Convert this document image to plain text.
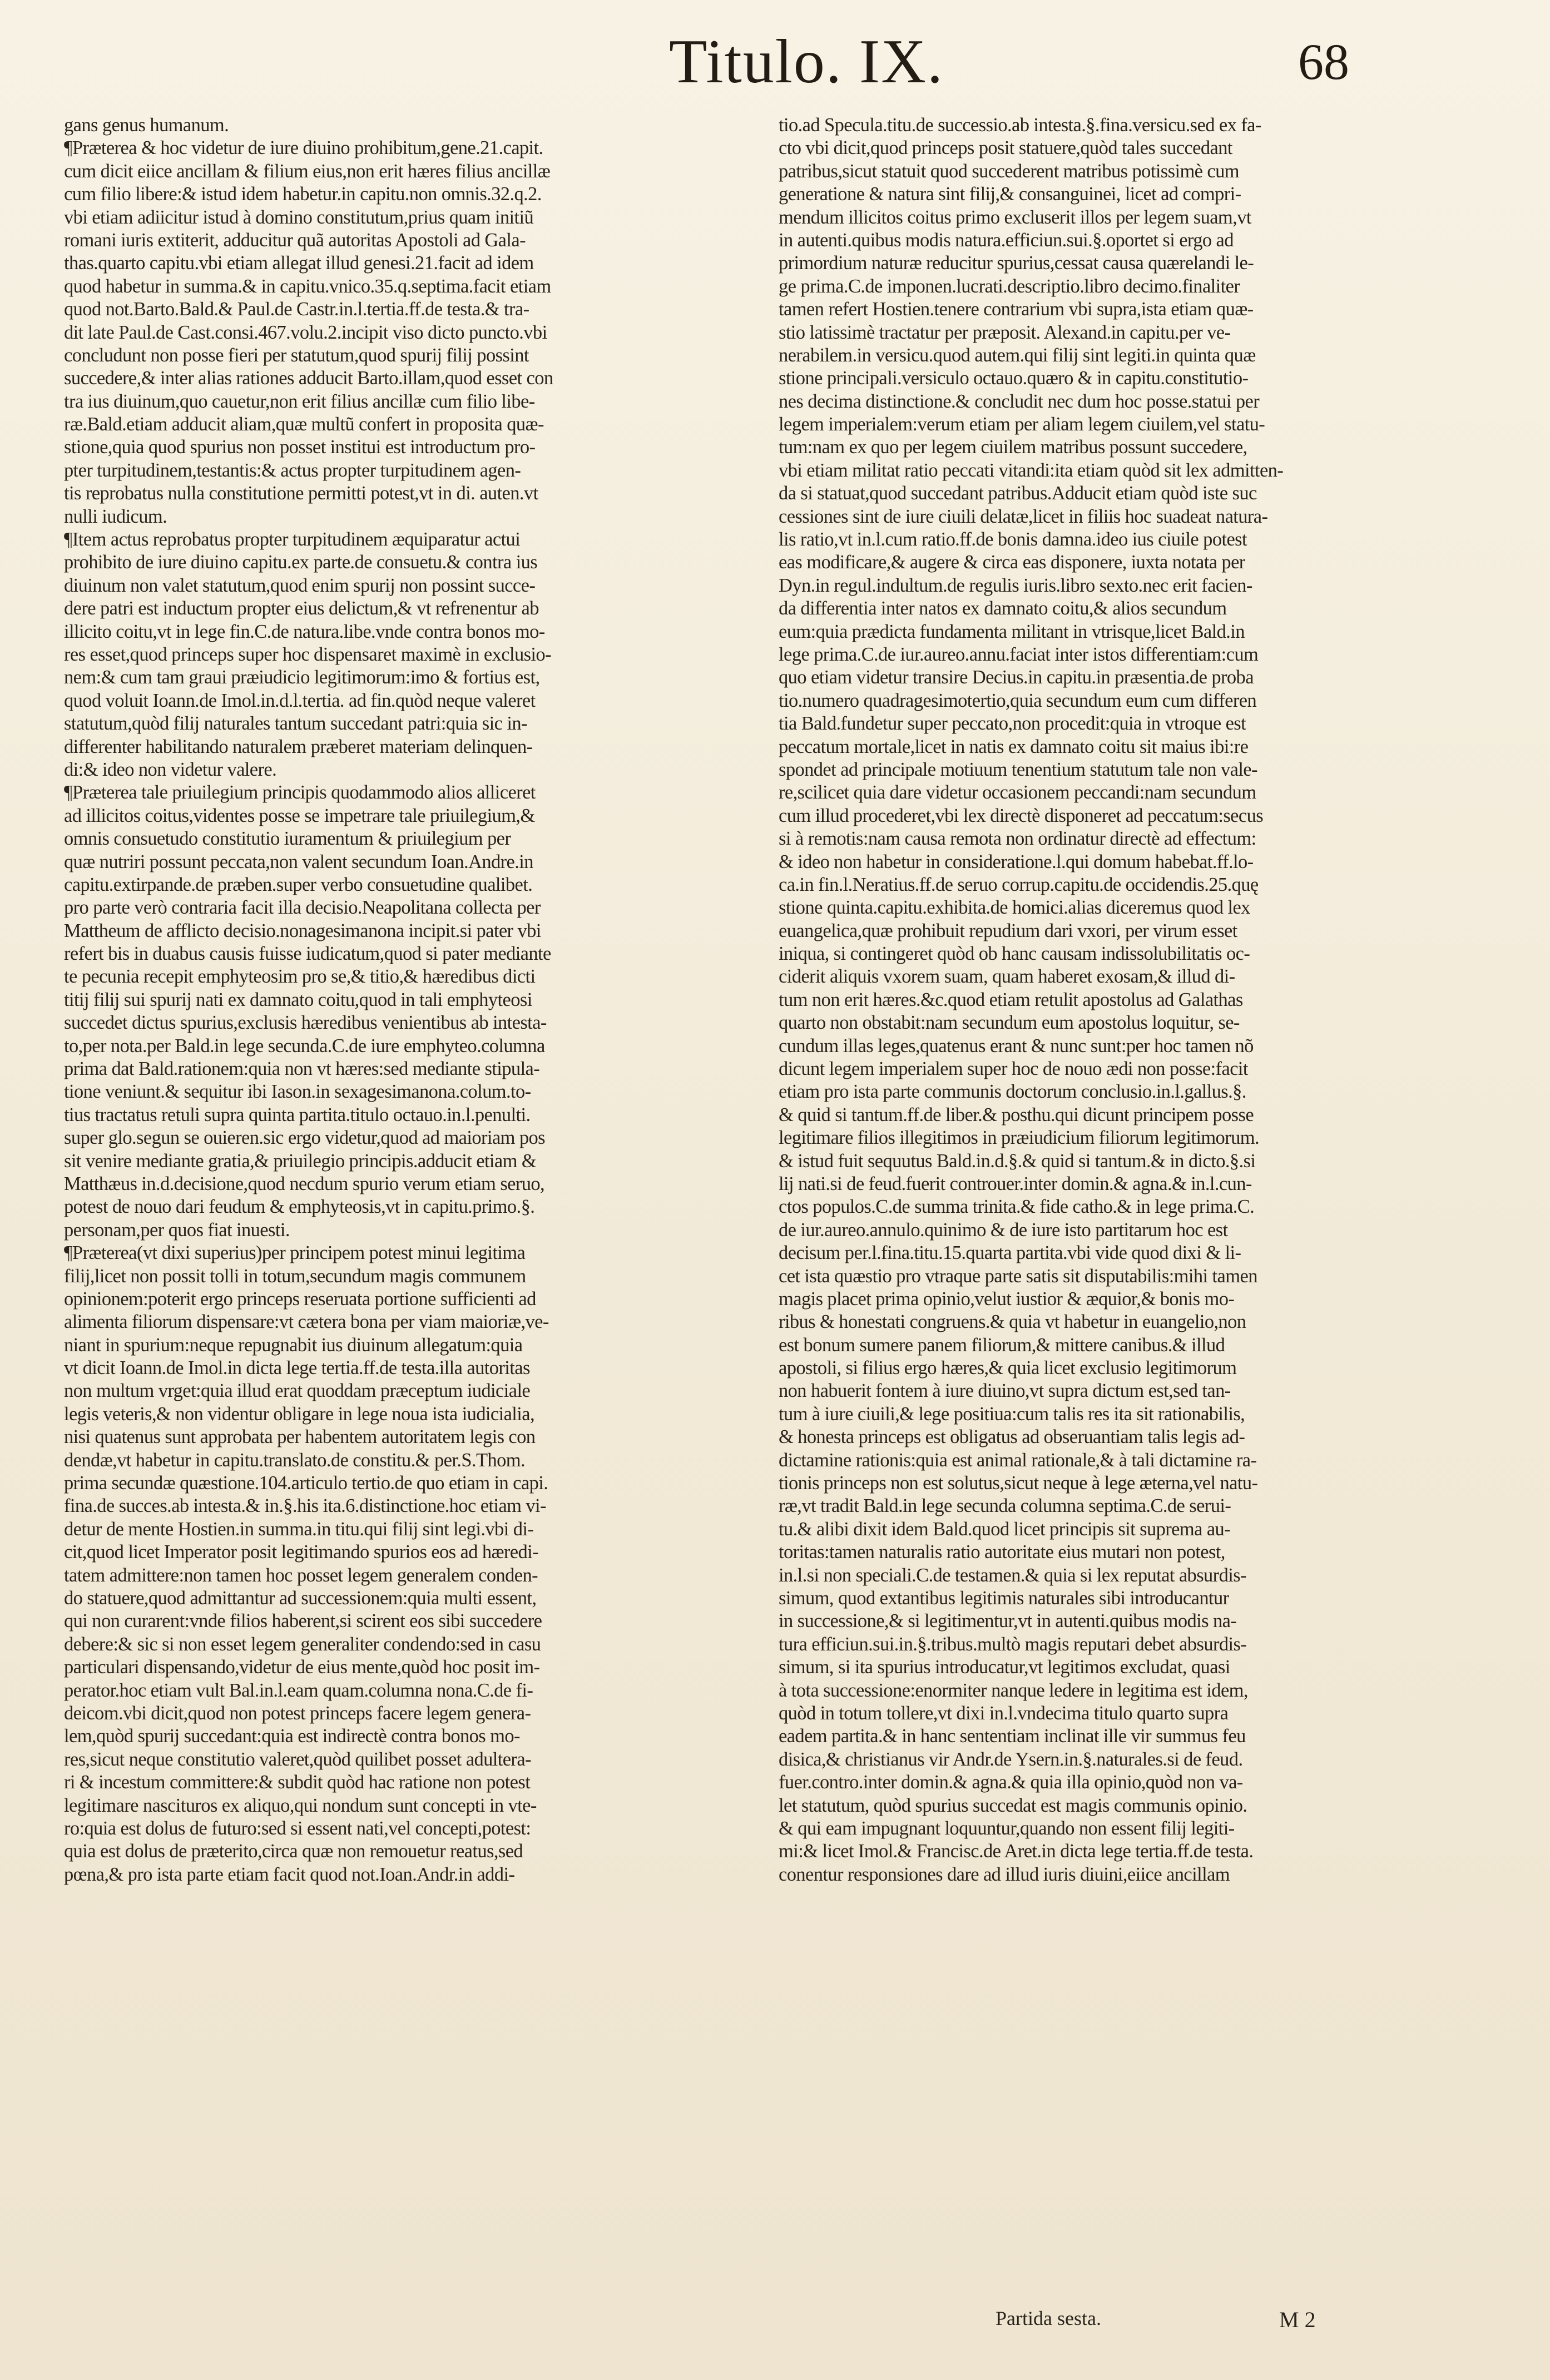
Titulo. IX.	68
gans genus humanum.
¶Præterea & hoc videtur de iure diuino prohibitum,gene.21.capit.
cum dicit eiice ancillam & filium eius,non erit hæres filius ancillæ
cum filio libere:& istud idem habetur.in capitu.non omnis.32.q.2.
vbi etiam adiicitur istud à domino constitutum,prius quam initiũ
romani iuris extiterit, adducitur quã autoritas Apostoli ad Gala-
thas.quarto capitu.vbi etiam allegat illud genesi.21.facit ad idem
quod habetur in summa.& in capitu.vnico.35.q.septima.facit etiam
quod not.Barto.Bald.& Paul.de Castr.in.l.tertia.ff.de testa.& tra-
dit late Paul.de Cast.consi.467.volu.2.incipit viso dicto puncto.vbi
concludunt non posse fieri per statutum,quod spurij filij possint
succedere,& inter alias rationes adducit Barto.illam,quod esset con
tra ius diuinum,quo cauetur,non erit filius ancillæ cum filio libe-
ræ.Bald.etiam adducit aliam,quæ multũ confert in proposita quæ-
stione,quia quod spurius non posset institui est introductum pro-
pter turpitudinem,testantis:& actus propter turpitudinem agen-
tis reprobatus nulla constitutione permitti potest,vt in di. auten.vt
nulli iudicum.
¶Item actus reprobatus propter turpitudinem æquiparatur actui
prohibito de iure diuino capitu.ex parte.de consuetu.& contra ius
diuinum non valet statutum,quod enim spurij non possint succe-
dere patri est inductum propter eius delictum,& vt refrenentur ab
illicito coitu,vt in lege fin.C.de natura.libe.vnde contra bonos mo-
res esset,quod princeps super hoc dispensaret maximè in exclusio-
nem:& cum tam graui præiudicio legitimorum:imo & fortius est,
quod voluit Ioann.de Imol.in.d.l.tertia. ad fin.quòd neque valeret
statutum,quòd filij naturales tantum succedant patri:quia sic in-
differenter habilitando naturalem præberet materiam delinquen-
di:& ideo non videtur valere.
¶Præterea tale priuilegium principis quodammodo alios alliceret
ad illicitos coitus,videntes posse se impetrare tale priuilegium,&
omnis consuetudo constitutio iuramentum & priuilegium per
quæ nutriri possunt peccata,non valent secundum Ioan.Andre.in
capitu.extirpande.de præben.super verbo consuetudine qualibet.
pro parte verò contraria facit illa decisio.Neapolitana collecta per
Mattheum de afflicto decisio.nonagesimanona incipit.si pater vbi
refert bis in duabus causis fuisse iudicatum,quod si pater mediante
te pecunia recepit emphyteosim pro se,& titio,& hæredibus dicti
titij filij sui spurij nati ex damnato coitu,quod in tali emphyteosi
succedet dictus spurius,exclusis hæredibus venientibus ab intesta-
to,per nota.per Bald.in lege secunda.C.de iure emphyteo.columna
prima dat Bald.rationem:quia non vt hæres:sed mediante stipula-
tione veniunt.& sequitur ibi Iason.in sexagesimanona.colum.to-
tius tractatus retuli supra quinta partita.titulo octauo.in.l.penulti.
super glo.segun se ouieren.sic ergo videtur,quod ad maioriam pos
sit venire mediante gratia,& priuilegio principis.adducit etiam &
Matthæus in.d.decisione,quod necdum spurio verum etiam seruo,
potest de nouo dari feudum & emphyteosis,vt in capitu.primo.§.
personam,per quos fiat inuesti.
¶Præterea(vt dixi superius)per principem potest minui legitima
filij,licet non possit tolli in totum,secundum magis communem
opinionem:poterit ergo princeps reseruata portione sufficienti ad
alimenta filiorum dispensare:vt cætera bona per viam maioriæ,ve-
niant in spurium:neque repugnabit ius diuinum allegatum:quia
vt dicit Ioann.de Imol.in dicta lege tertia.ff.de testa.illa autoritas
non multum vrget:quia illud erat quoddam præceptum iudiciale
legis veteris,& non videntur obligare in lege noua ista iudicialia,
nisi quatenus sunt approbata per habentem autoritatem legis con
dendæ,vt habetur in capitu.translato.de constitu.& per.S.Thom.
prima secundæ quæstione.104.articulo tertio.de quo etiam in capi.
fina.de succes.ab intesta.& in.§.his ita.6.distinctione.hoc etiam vi-
detur de mente Hostien.in summa.in titu.qui filij sint legi.vbi di-
cit,quod licet Imperator posit legitimando spurios eos ad hæredi-
tatem admittere:non tamen hoc posset legem generalem conden-
do statuere,quod admittantur ad successionem:quia multi essent,
qui non curarent:vnde filios haberent,si scirent eos sibi succedere
debere:& sic si non esset legem generaliter condendo:sed in casu
particulari dispensando,videtur de eius mente,quòd hoc posit im-
perator.hoc etiam vult Bal.in.l.eam quam.columna nona.C.de fi-
deicom.vbi dicit,quod non potest princeps facere legem genera-
lem,quòd spurij succedant:quia est indirectè contra bonos mo-
res,sicut neque constitutio valeret,quòd quilibet posset adultera-
ri & incestum committere:& subdit quòd hac ratione non potest
legitimare nascituros ex aliquo,qui nondum sunt concepti in vte-
ro:quia est dolus de futuro:sed si essent nati,vel concepti,potest:
quia est dolus de præterito,circa quæ non remouetur reatus,sed
pœna,& pro ista parte etiam facit quod not.Ioan.Andr.in addi-
tio.ad Specula.titu.de successio.ab intesta.§.fina.versicu.sed ex fa-
cto vbi dicit,quod princeps posit statuere,quòd tales succedant
patribus,sicut statuit quod succederent matribus potissimè cum
generatione & natura sint filij,& consanguinei, licet ad compri-
mendum illicitos coitus primo excluserit illos per legem suam,vt
in autenti.quibus modis natura.efficiun.sui.§.oportet si ergo ad
primordium naturæ reducitur spurius,cessat causa quærelandi le-
ge prima.C.de imponen.lucrati.descriptio.libro decimo.finaliter
tamen refert Hostien.tenere contrarium vbi supra,ista etiam quæ-
stio latissimè tractatur per præposit. Alexand.in capitu.per ve-
nerabilem.in versicu.quod autem.qui filij sint legiti.in quinta quæ
stione principali.versiculo octauo.quæro & in capitu.constitutio-
nes decima distinctione.& concludit nec dum hoc posse.statui per
legem imperialem:verum etiam per aliam legem ciuilem,vel statu-
tum:nam ex quo per legem ciuilem matribus possunt succedere,
vbi etiam militat ratio peccati vitandi:ita etiam quòd sit lex admitten-
da si statuat,quod succedant patribus.Adducit etiam quòd iste suc
cessiones sint de iure ciuili delatæ,licet in filiis hoc suadeat natura-
lis ratio,vt in.l.cum ratio.ff.de bonis damna.ideo ius ciuile potest
eas modificare,& augere & circa eas disponere, iuxta notata per
Dyn.in regul.indultum.de regulis iuris.libro sexto.nec erit facien-
da differentia inter natos ex damnato coitu,& alios secundum
eum:quia prædicta fundamenta militant in vtrisque,licet Bald.in
lege prima.C.de iur.aureo.annu.faciat inter istos differentiam:cum
quo etiam videtur transire Decius.in capitu.in præsentia.de proba
tio.numero quadragesimotertio,quia secundum eum cum differen
tia Bald.fundetur super peccato,non procedit:quia in vtroque est
peccatum mortale,licet in natis ex damnato coitu sit maius ibi:re
spondet ad principale motiuum tenentium statutum tale non vale-
re,scilicet quia dare videtur occasionem peccandi:nam secundum
cum illud procederet,vbi lex directè disponeret ad peccatum:secus
si à remotis:nam causa remota non ordinatur directè ad effectum:
& ideo non habetur in consideratione.l.qui domum habebat.ff.lo-
ca.in fin.l.Neratius.ff.de seruo corrup.capitu.de occidendis.25.quę
stione quinta.capitu.exhibita.de homici.alias diceremus quod lex
euangelica,quæ prohibuit repudium dari vxori, per virum esset
iniqua, si contingeret quòd ob hanc causam indissolubilitatis oc-
ciderit aliquis vxorem suam, quam haberet exosam,& illud di-
tum non erit hæres.&c.quod etiam retulit apostolus ad Galathas
quarto non obstabit:nam secundum eum apostolus loquitur, se-
cundum illas leges,quatenus erant & nunc sunt:per hoc tamen nõ
dicunt legem imperialem super hoc de nouo ædi non posse:facit
etiam pro ista parte communis doctorum conclusio.in.l.gallus.§.
& quid si tantum.ff.de liber.& posthu.qui dicunt principem posse
legitimare filios illegitimos in præiudicium filiorum legitimorum.
& istud fuit sequutus Bald.in.d.§.& quid si tantum.& in dicto.§.si
lij nati.si de feud.fuerit controuer.inter domin.& agna.& in.l.cun-
ctos populos.C.de summa trinita.& fide catho.& in lege prima.C.
de iur.aureo.annulo.quinimo & de iure isto partitarum hoc est
decisum per.l.fina.titu.15.quarta partita.vbi vide quod dixi & li-
cet ista quæstio pro vtraque parte satis sit disputabilis:mihi tamen
magis placet prima opinio,velut iustior & æquior,& bonis mo-
ribus & honestati congruens.& quia vt habetur in euangelio,non
est bonum sumere panem filiorum,& mittere canibus.& illud
apostoli, si filius ergo hæres,& quia licet exclusio legitimorum
non habuerit fontem à iure diuino,vt supra dictum est,sed tan-
tum à iure ciuili,& lege positiua:cum talis res ita sit rationabilis,
& honesta princeps est obligatus ad obseruantiam talis legis ad-
dictamine rationis:quia est animal rationale,& à tali dictamine ra-
tionis princeps non est solutus,sicut neque à lege æterna,vel natu-
ræ,vt tradit Bald.in lege secunda columna septima.C.de serui-
tu.& alibi dixit idem Bald.quod licet principis sit suprema au-
toritas:tamen naturalis ratio autoritate eius mutari non potest,
in.l.si non speciali.C.de testamen.& quia si lex reputat absurdis-
simum, quod extantibus legitimis naturales sibi introducantur
in successione,& si legitimentur,vt in autenti.quibus modis na-
tura efficiun.sui.in.§.tribus.multò magis reputari debet absurdis-
simum, si ita spurius introducatur,vt legitimos excludat, quasi
à tota successione:enormiter nanque ledere in legitima est idem,
quòd in totum tollere,vt dixi in.l.vndecima titulo quarto supra
eadem partita.& in hanc sententiam inclinat ille vir summus feu
disica,& christianus vir Andr.de Ysern.in.§.naturales.si de feud.
fuer.contro.inter domin.& agna.& quia illa opinio,quòd non va-
let statutum, quòd spurius succedat est magis communis opinio.
& qui eam impugnant loquuntur,quando non essent filij legiti-
mi:& licet Imol.& Francisc.de Aret.in dicta lege tertia.ff.de testa.
conentur responsiones dare ad illud iuris diuini,eiice ancillam
Partida sesta.	M 2
